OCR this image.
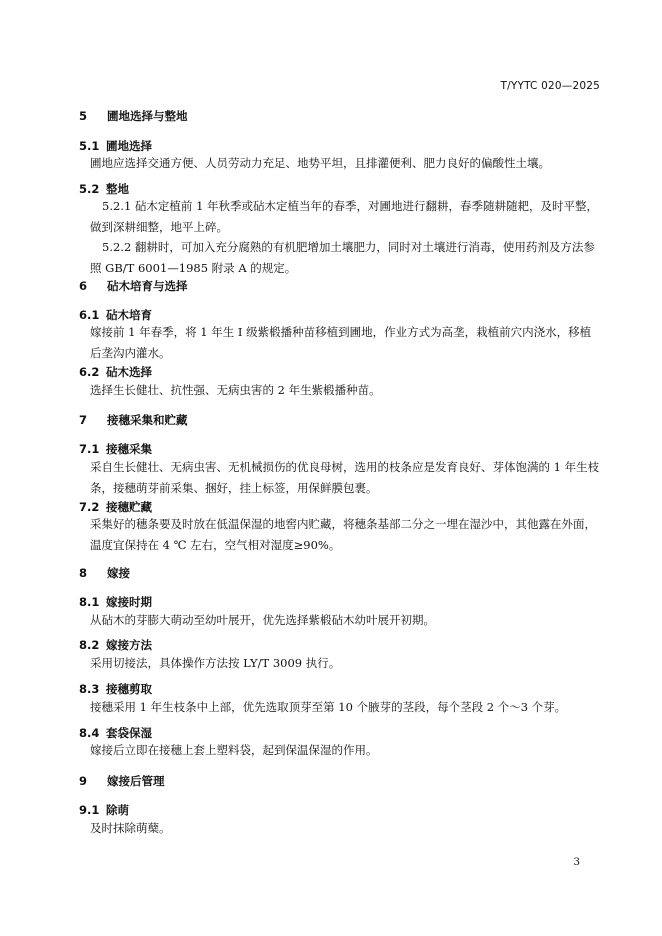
T/YYTC 020—2025
5 圃地选择与整地
5.1 圃地选择
圃地应选择交通方便、人员劳动力充足、地势平坦，且排灌便利、肥力良好的偏酸性土壤。
5.2 整地
5.2.1 砧木定植前 1 年秋季或砧木定植当年的春季，对圃地进行翻耕，春季随耕随耙，及时平整，做到深耕细整，地平上碎。
5.2.2 翻耕时，可加入充分腐熟的有机肥增加土壤肥力，同时对土壤进行消毒，使用药剂及方法参照 GB/T 6001—1985 附录 A 的规定。
6 砧木培育与选择
6.1 砧木培育
嫁接前 1 年春季，将 1 年生 Ⅰ 级紫椴播种苗移植到圃地，作业方式为高垄，栽植前穴内浇水，移植后垄沟内灌水。
6.2 砧木选择
选择生长健壮、抗性强、无病虫害的 2 年生紫椴播种苗。
7 接穗采集和贮藏
7.1 接穗采集
采自生长健壮、无病虫害、无机械损伤的优良母树，选用的枝条应是发育良好、芽体饱满的 1 年生枝条，接穗萌芽前采集、捆好，挂上标签，用保鲜膜包裹。
7.2 接穗贮藏
采集好的穗条要及时放在低温保湿的地窖内贮藏，将穗条基部二分之一埋在湿沙中，其他露在外面，温度宜保持在 4 ℃ 左右，空气相对湿度≥90%。
8 嫁接
8.1 嫁接时期
从砧木的芽膨大萌动至幼叶展开，优先选择紫椴砧木幼叶展开初期。
8.2 嫁接方法
采用切接法，具体操作方法按 LY/T 3009 执行。
8.3 接穗剪取
接穗采用 1 年生枝条中上部，优先选取顶芽至第 10 个腋芽的茎段，每个茎段 2 个～3 个芽。
8.4 套袋保湿
嫁接后立即在接穗上套上塑料袋，起到保温保湿的作用。
9 嫁接后管理
9.1 除萌
及时抹除萌蘖。
3
